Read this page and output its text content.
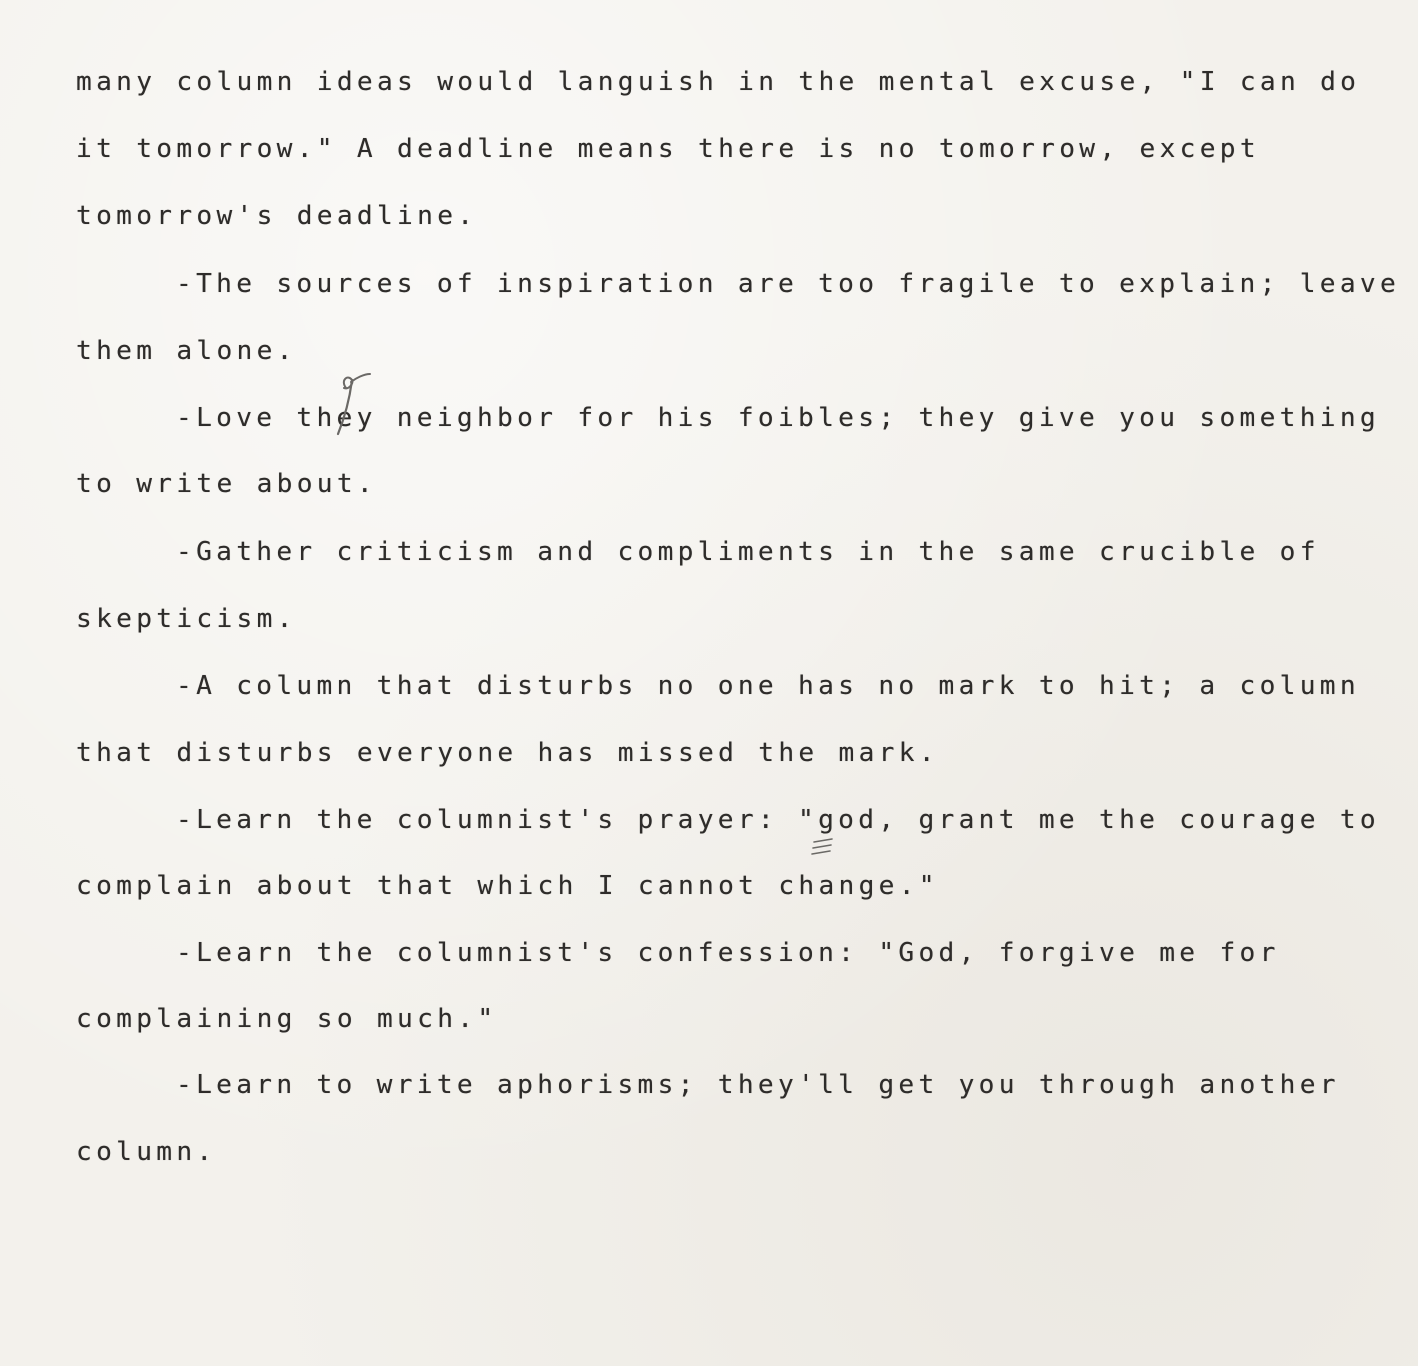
many column ideas would languish in the mental excuse, "I can do
it tomorrow." A deadline means there is no tomorrow, except
tomorrow's deadline.
-The sources of inspiration are too fragile to explain; leave
them alone.
-Love they neighbor for his foibles; they give you something
to write about.
-Gather criticism and compliments in the same crucible of
skepticism.
-A column that disturbs no one has no mark to hit; a column
that disturbs everyone has missed the mark.
-Learn the columnist's prayer: "god, grant me the courage to
complain about that which I cannot change."
-Learn the columnist's confession: "God, forgive me for
complaining so much."
-Learn to write aphorisms; they'll get you through another
column.
